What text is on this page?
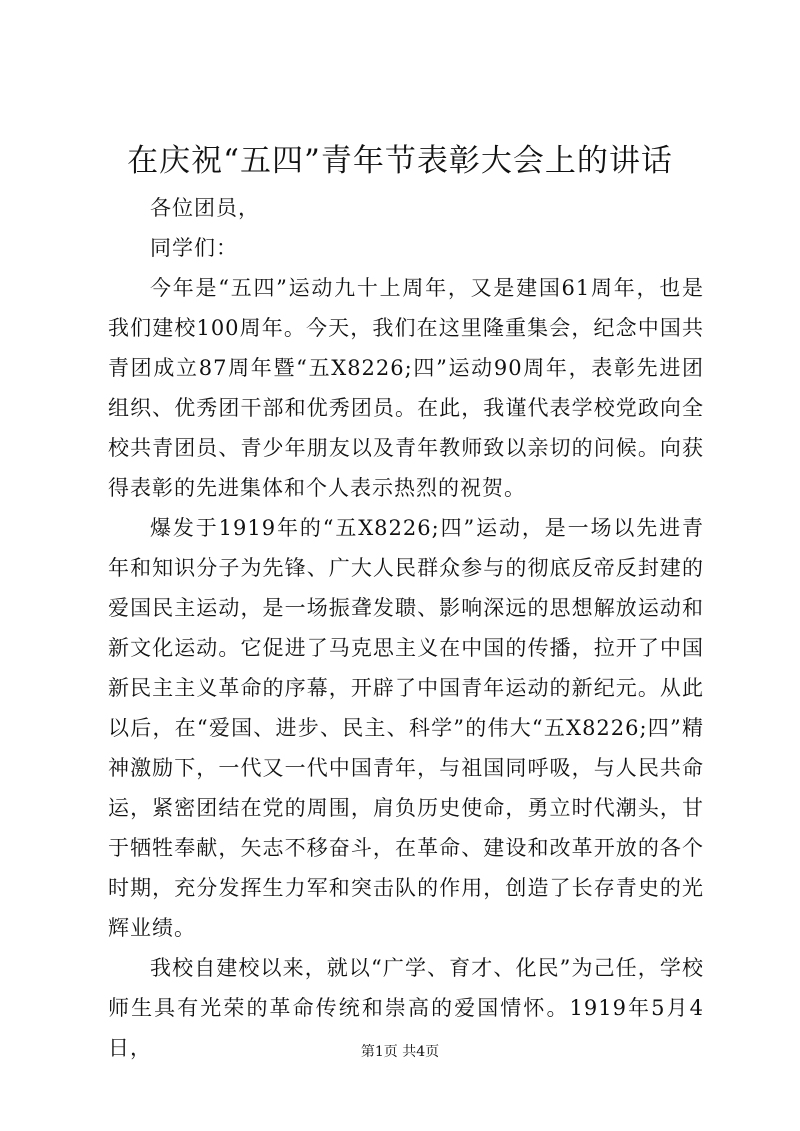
在庆祝“五四”青年节表彰大会上的讲话

各位团员，

同学们：

今年是“五四”运动九十上周年，又是建国61周年，也是我们建校100周年。今天，我们在这里隆重集会，纪念中国共青团成立87周年暨“五X8226;四”运动90周年，表彰先进团组织、优秀团干部和优秀团员。在此，我谨代表学校党政向全校共青团员、青少年朋友以及青年教师致以亲切的问候。向获得表彰的先进集体和个人表示热烈的祝贺。

爆发于1919年的“五X8226;四”运动，是一场以先进青年和知识分子为先锋、广大人民群众参与的彻底反帝反封建的爱国民主运动，是一场振聋发聩、影响深远的思想解放运动和新文化运动。它促进了马克思主义在中国的传播，拉开了中国新民主主义革命的序幕，开辟了中国青年运动的新纪元。从此以后，在“爱国、进步、民主、科学”的伟大“五X8226;四”精神激励下，一代又一代中国青年，与祖国同呼吸，与人民共命运，紧密团结在党的周围，肩负历史使命，勇立时代潮头，甘于牺牲奉献，矢志不移奋斗，在革命、建设和改革开放的各个时期，充分发挥生力军和突击队的作用，创造了长存青史的光辉业绩。

我校自建校以来，就以“广学、育才、化民”为己任，学校师生具有光荣的革命传统和崇高的爱国情怀。1919年5月4日，	第1页 共4页
